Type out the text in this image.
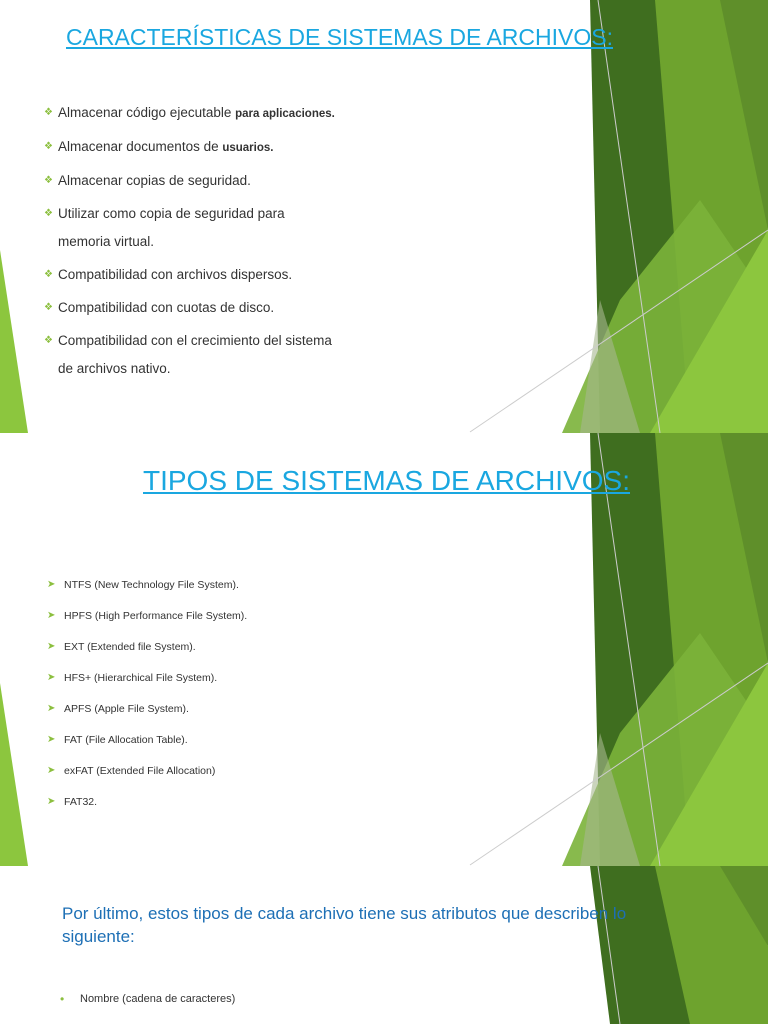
CARACTERÍSTICAS DE SISTEMAS DE ARCHIVOS:
❖ Almacenar código ejecutable para aplicaciones.
❖ Almacenar documentos de usuarios.
❖ Almacenar copias de seguridad.
❖ Utilizar como copia de seguridad para
memoria virtual.
❖ Compatibilidad con archivos dispersos.
❖ Compatibilidad con cuotas de disco.
❖ Compatibilidad con el crecimiento del sistema
de archivos nativo.
TIPOS DE SISTEMAS DE ARCHIVOS:
➤ NTFS (New Technology File System).
➤ HPFS (High Performance File System).
➤ EXT (Extended file System).
➤ HFS+ (Hierarchical File System).
➤ APFS (Apple File System).
➤ FAT (File Allocation Table).
➤ exFAT (Extended File Allocation)
➤ FAT32.
Por último, estos tipos de cada archivo tiene sus atributos que describen lo siguiente:
• Nombre (cadena de caracteres)
